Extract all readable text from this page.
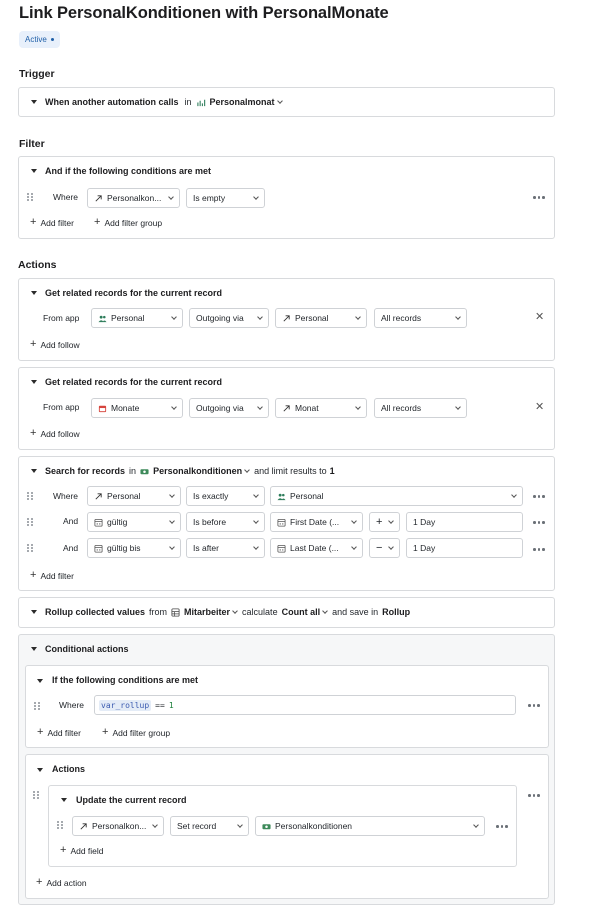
Link PersonalKonditionen with PersonalMonate
Active
Trigger
When another automation calls in Personalmonat
Filter
And if the following conditions are met
Where	Personalkon...	Is empty
+ Add filter + Add filter group
Actions
Get related records for the current record
From app	Personal	Outgoing via	Personal	All records	✕
+ Add follow
Get related records for the current record
From app	Monate	Outgoing via	Monat	All records	✕
+ Add follow
Search for records in Personalkonditionen and limit results to 1
Where	Personal	Is exactly	Personal
And	gültig	Is before	First Date (...	+	1 Day
And	gültig bis	Is after	Last Date (...	−	1 Day
+ Add filter
Rollup collected values from Mitarbeiter calculate Count all and save in Rollup
Conditional actions
If the following conditions are met
Where var_rollup == 1
+ Add filter + Add filter group
Actions
Update the current record
Personalkon...	Set record	Personalkonditionen
+ Add field
+ Add action
